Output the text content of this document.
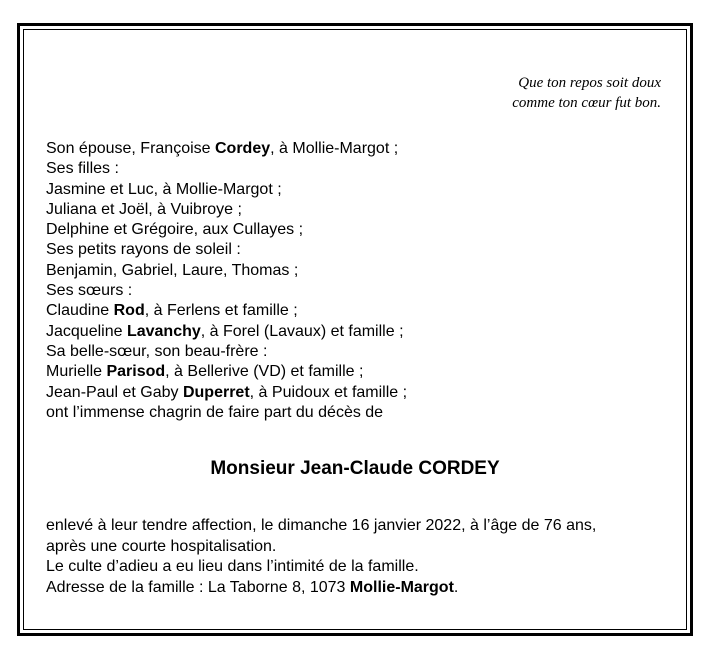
Que ton repos soit doux
comme ton cœur fut bon.
Son épouse, Françoise Cordey, à Mollie-Margot ;
Ses filles :
Jasmine et Luc, à Mollie-Margot ;
Juliana et Joël, à Vuibroye ;
Delphine et Grégoire, aux Cullayes ;
Ses petits rayons de soleil :
Benjamin, Gabriel, Laure, Thomas ;
Ses sœurs :
Claudine Rod, à Ferlens et famille ;
Jacqueline Lavanchy, à Forel (Lavaux) et famille ;
Sa belle-sœur, son beau-frère :
Murielle Parisod, à Bellerive (VD) et famille ;
Jean-Paul et Gaby Duperret, à Puidoux et famille ;
ont l’immense chagrin de faire part du décès de
Monsieur Jean-Claude CORDEY
enlevé à leur tendre affection, le dimanche 16 janvier 2022, à l’âge de 76 ans,
après une courte hospitalisation.
Le culte d’adieu a eu lieu dans l’intimité de la famille.
Adresse de la famille : La Taborne 8, 1073 Mollie-Margot.
